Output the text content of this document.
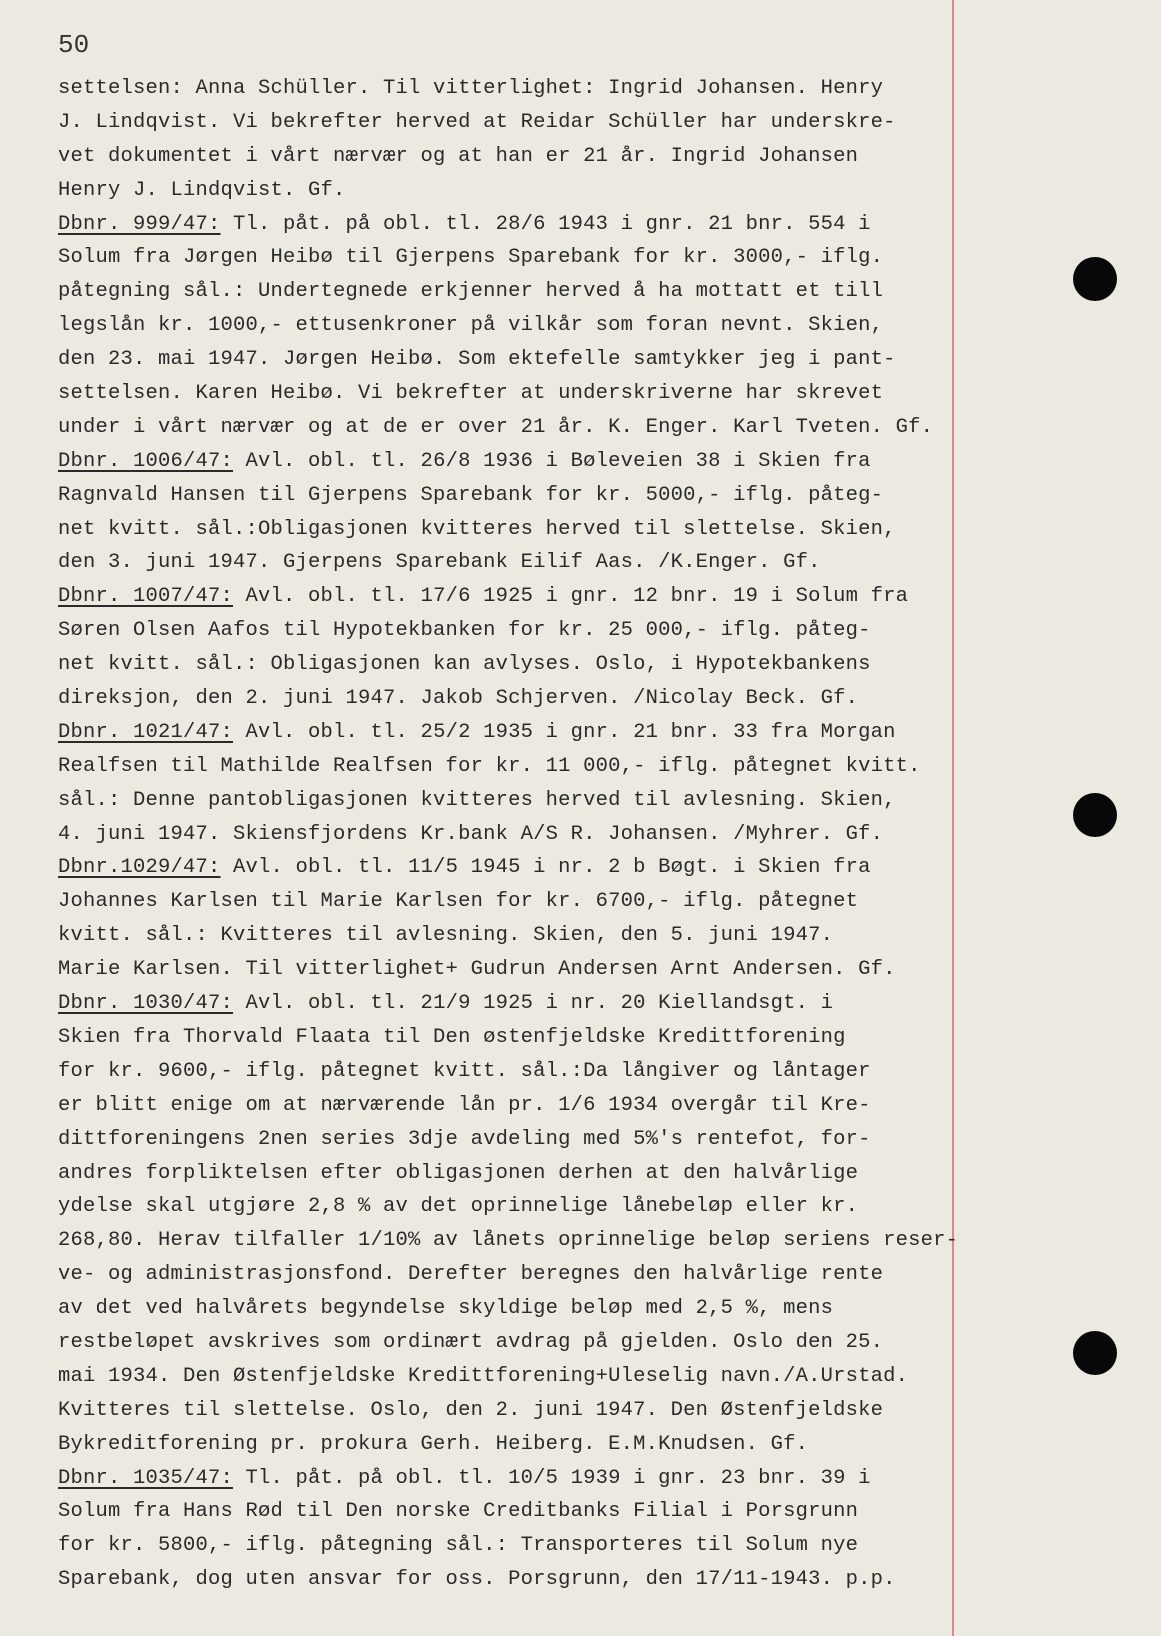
50
settelsen: Anna Schüller. Til vitterlighet: Ingrid Johansen. Henry
J. Lindqvist. Vi bekrefter herved at Reidar Schüller har underskre-
vet dokumentet i vårt nærvær og at han er 21 år. Ingrid Johansen
Henry J. Lindqvist. Gf.
Dbnr. 999/47: Tl. påt. på obl. tl. 28/6 1943 i gnr. 21 bnr. 554 i
Solum fra Jørgen Heibø til Gjerpens Sparebank for kr. 3000,- iflg.
påtegning sål.: Undertegnede erkjenner herved å ha mottatt et till
legslån kr. 1000,- ettusenkroner på vilkår som foran nevnt. Skien,
den 23. mai 1947. Jørgen Heibø. Som ektefelle samtykker jeg i pant-
settelsen. Karen Heibø. Vi bekrefter at underskriverne har skrevet
under i vårt nærvær og at de er over 21 år. K. Enger. Karl Tveten. Gf.
Dbnr. 1006/47: Avl. obl. tl. 26/8 1936 i Bøleveien 38 i Skien fra
Ragnvald Hansen til Gjerpens Sparebank for kr. 5000,- iflg. påteg-
net kvitt. sål.:Obligasjonen kvitteres herved til slettelse. Skien,
den 3. juni 1947. Gjerpens Sparebank Eilif Aas. /K.Enger. Gf.
Dbnr. 1007/47: Avl. obl. tl. 17/6 1925 i gnr. 12 bnr. 19 i Solum fra
Søren Olsen Aafos til Hypotekbanken for kr. 25 000,- iflg. påteg-
net kvitt. sål.: Obligasjonen kan avlyses. Oslo, i Hypotekbankens
direksjon, den 2. juni 1947. Jakob Schjerven. /Nicolay Beck. Gf.
Dbnr. 1021/47: Avl. obl. tl. 25/2 1935 i gnr. 21 bnr. 33 fra Morgan
Realfsen til Mathilde Realfsen for kr. 11 000,- iflg. påtegnet kvitt.
sål.: Denne pantobligasjonen kvitteres herved til avlesning. Skien,
4. juni 1947. Skiensfjordens Kr.bank A/S R. Johansen. /Myhrer. Gf.
Dbnr.1029/47: Avl. obl. tl. 11/5 1945 i nr. 2 b Bøgt. i Skien fra
Johannes Karlsen til Marie Karlsen for kr. 6700,- iflg. påtegnet
kvitt. sål.: Kvitteres til avlesning. Skien, den 5. juni 1947.
Marie Karlsen. Til vitterlighet+ Gudrun Andersen Arnt Andersen. Gf.
Dbnr. 1030/47: Avl. obl. tl. 21/9 1925 i nr. 20 Kiellandsgt. i
Skien fra Thorvald Flaata til Den østenfjeldske Kredittforening
for kr. 9600,- iflg. påtegnet kvitt. sål.:Da långiver og låntager
er blitt enige om at nærværende lån pr. 1/6 1934 overgår til Kre-
dittforeningens 2nen series 3dje avdeling med 5%'s rentefot, for-
andres forpliktelsen efter obligasjonen derhen at den halvårlige
ydelse skal utgjøre 2,8 % av det oprinnelige lånebeløp eller kr.
268,80. Herav tilfaller 1/10% av lånets oprinnelige beløp seriens reser-
ve- og administrasjonsfond. Derefter beregnes den halvårlige rente
av det ved halvårets begyndelse skyldige beløp med 2,5 %, mens
restbeløpet avskrives som ordinært avdrag på gjelden. Oslo den 25.
mai 1934. Den Østenfjeldske Kredittforening+Uleselig navn./A.Urstad.
Kvitteres til slettelse. Oslo, den 2. juni 1947. Den Østenfjeldske
Bykreditforening pr. prokura Gerh. Heiberg. E.M.Knudsen. Gf.
Dbnr. 1035/47: Tl. påt. på obl. tl. 10/5 1939 i gnr. 23 bnr. 39 i
Solum fra Hans Rød til Den norske Creditbanks Filial i Porsgrunn
for kr. 5800,- iflg. påtegning sål.: Transporteres til Solum nye
Sparebank, dog uten ansvar for oss. Porsgrunn, den 17/11-1943. p.p.
